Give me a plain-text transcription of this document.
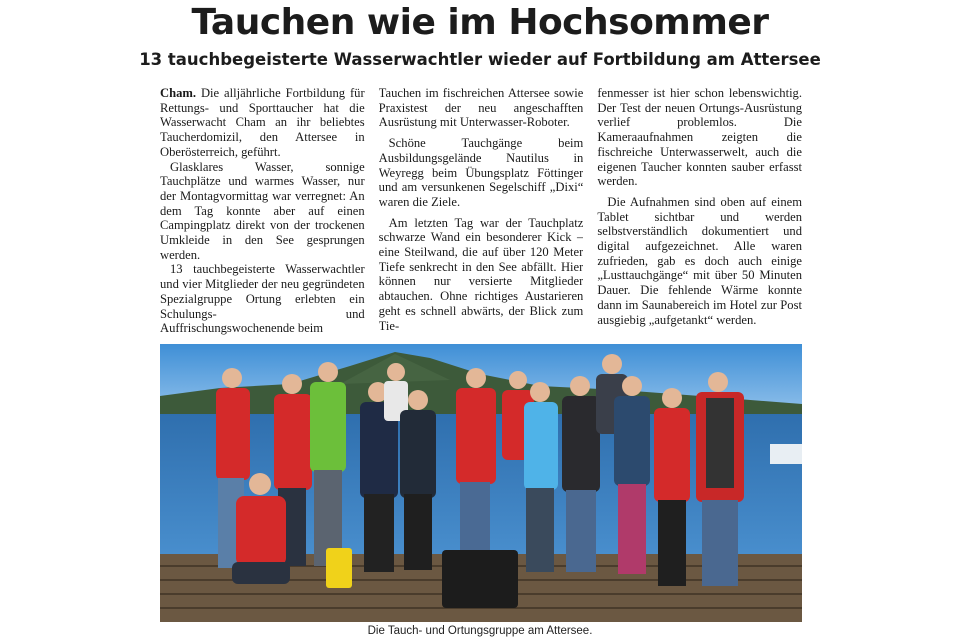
Tauchen wie im Hochsommer
13 tauchbegeisterte Wasserwachtler wieder auf Fortbildung am Attersee

Cham. Die alljährliche Fortbildung für Rettungs- und Sporttaucher hat die Wasserwacht Cham an ihr beliebtes Taucherdomizil, den Attersee in Oberösterreich, geführt.

Glasklares Wasser, sonnige Tauchplätze und warmes Wasser, nur der Montagvormittag war verregnet: An dem Tag konnte aber auf einen Campingplatz direkt von der trockenen Umkleide in den See gesprungen werden.

13 tauchbegeisterte Wasserwachtler und vier Mitglieder der neu gegründeten Spezialgruppe Ortung erlebten ein Schulungs- und Auffrischungswochenende beim

Tauchen im fischreichen Attersee sowie Praxistest der neu angeschafften Ausrüstung mit Unterwasser-Roboter.

Schöne Tauchgänge beim Ausbildungsgelände Nautilus in Weyregg beim Übungsplatz Föttinger und am versunkenen Segelschiff „Dixi“ waren die Ziele.

Am letzten Tag war der Tauchplatz schwarze Wand ein besonderer Kick – eine Steilwand, die auf über 120 Meter Tiefe senkrecht in den See abfällt. Hier können nur versierte Mitglieder abtauchen. Ohne richtiges Austarieren geht es schnell abwärts, der Blick zum Tie-

fenmesser ist hier schon lebenswichtig. Der Test der neuen Ortungs-Ausrüstung verlief problemlos. Die Kameraaufnahmen zeigten die fischreiche Unterwasserwelt, auch die eigenen Taucher konnten sauber erfasst werden.

Die Aufnahmen sind oben auf einem Tablet sichtbar und werden selbstverständlich dokumentiert und digital aufgezeichnet. Alle waren zufrieden, gab es doch auch einige „Lusttauchgänge“ mit über 50 Minuten Dauer. Die fehlende Wärme konnte dann im Saunabereich im Hotel zur Post ausgiebig „aufgetankt“ werden.

Die Tauch- und Ortungsgruppe am Attersee.
